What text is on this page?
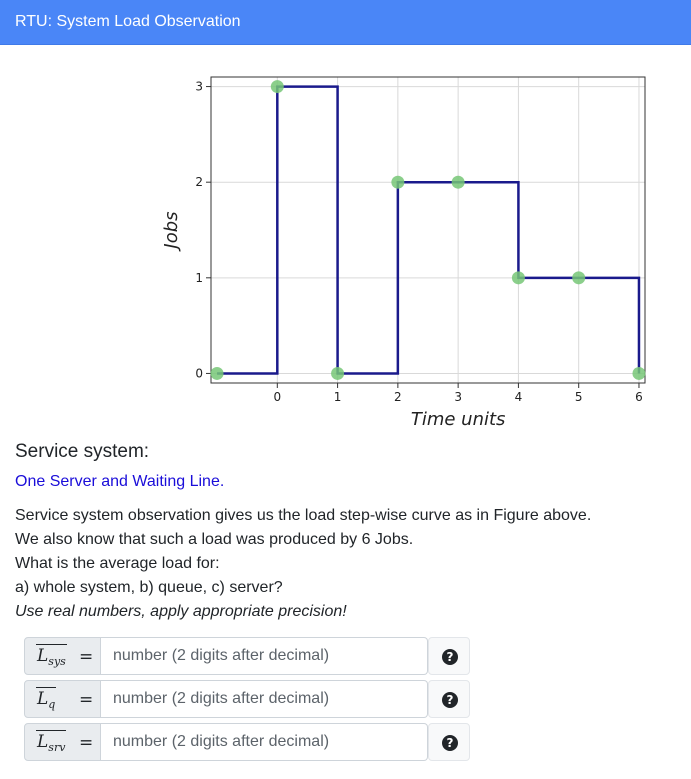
RTU: System Load Observation
0	1	2	3	4	5	6
0
1
2
3
Time units
Jobs
Service system:
One Server and Waiting Line.
Service system observation gives us the load step-wise curve as in Figure above.
We also know that such a load was produced by 6 Jobs.
What is the average load for:
a) whole system, b) queue, c) server?
Use real numbers, apply appropriate precision!
$L_{sys}$ =
number (2 digits after decimal)	?
$L_q$ =
number (2 digits after decimal)	?
$L_{srv}$ =
number (2 digits after decimal)	?
